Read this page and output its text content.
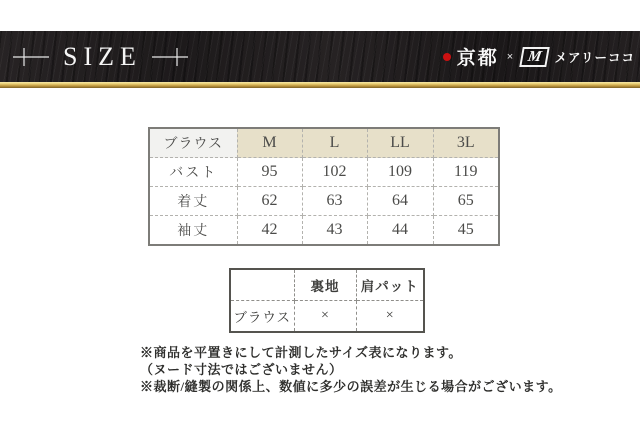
SIZE	京都 × M メアリーココ
ブラウス	M	L	LL	3L
バスト	95	102	109	119
着丈	62	63	64	65
袖丈	42	43	44	45
	裏地	肩パット
ブラウス	×	×

※商品を平置きにして計測したサイズ表になります。

（ヌード寸法ではございません）

※裁断/縫製の関係上、数値に多少の誤差が生じる場合がございます。
